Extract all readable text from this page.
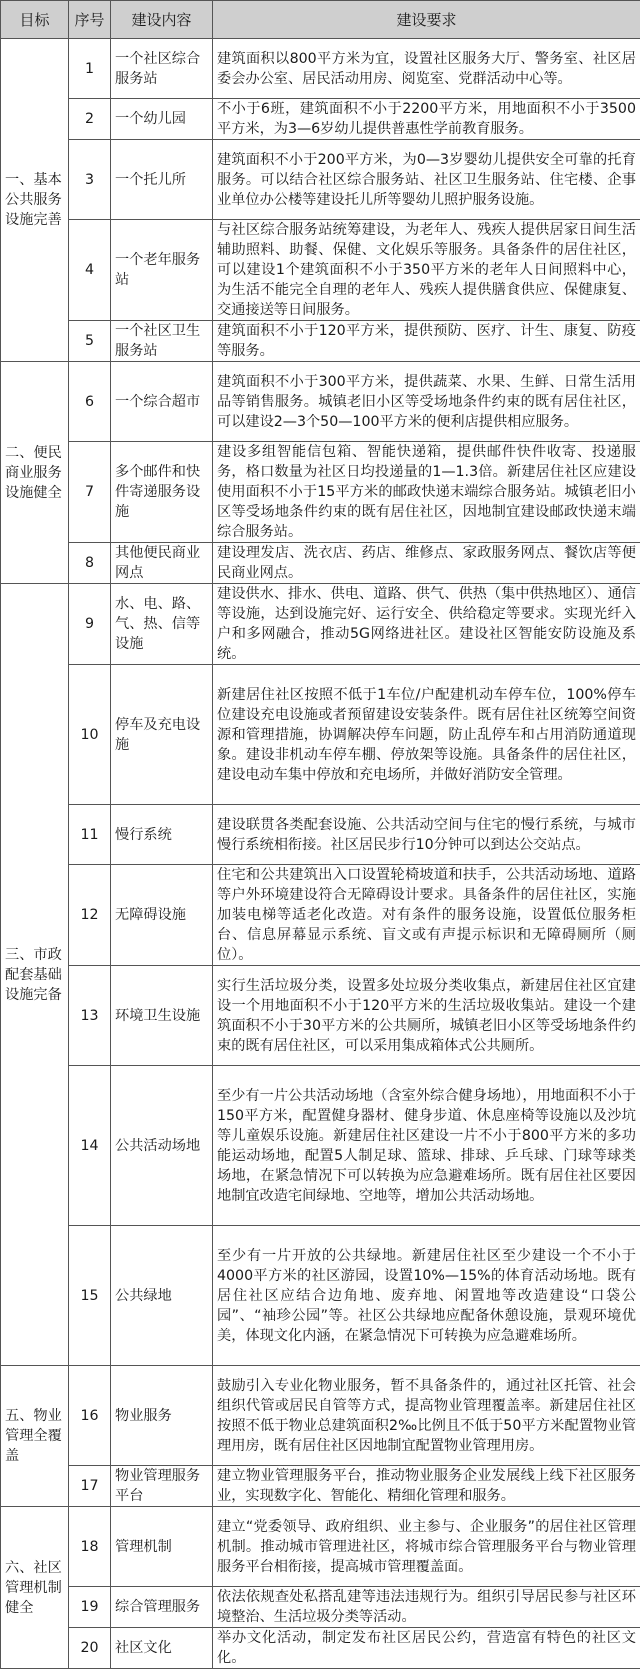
目标	序号	建设内容	建设要求
一、基本公共服务设施完善	1	一个社区综合服务站	建筑面积以800平方米为宜，设置社区服务大厅、警务室、社区居委会办公室、居民活动用房、阅览室、党群活动中心等。
	2	一个幼儿园	不小于6班，建筑面积不小于2200平方米，用地面积不小于3500平方米，为3—6岁幼儿提供普惠性学前教育服务。
	3	一个托儿所	建筑面积不小于200平方米，为0—3岁婴幼儿提供安全可靠的托育服务。可以结合社区综合服务站、社区卫生服务站、住宅楼、企事业单位办公楼等建设托儿所等婴幼儿照护服务设施。
	4	一个老年服务站	与社区综合服务站统筹建设，为老年人、残疾人提供居家日间生活辅助照料、助餐、保健、文化娱乐等服务。具备条件的居住社区，可以建设1个建筑面积不小于350平方米的老年人日间照料中心，为生活不能完全自理的老年人、残疾人提供膳食供应、保健康复、交通接送等日间服务。
	5	一个社区卫生服务站	建筑面积不小于120平方米，提供预防、医疗、计生、康复、防疫等服务。
二、便民商业服务设施健全	6	一个综合超市	建筑面积不小于300平方米，提供蔬菜、水果、生鲜、日常生活用品等销售服务。城镇老旧小区等受场地条件约束的既有居住社区，可以建设2—3个50—100平方米的便利店提供相应服务。
	7	多个邮件和快件寄递服务设施	建设多组智能信包箱、智能快递箱，提供邮件快件收寄、投递服务，格口数量为社区日均投递量的1—1.3倍。新建居住社区应建设使用面积不小于15平方米的邮政快递末端综合服务站。城镇老旧小区等受场地条件约束的既有居住社区，因地制宜建设邮政快递末端综合服务站。
	8	其他便民商业网点	建设理发店、洗衣店、药店、维修点、家政服务网点、餐饮店等便民商业网点。
三、市政配套基础设施完备	9	水、电、路、气、热、信等设施	建设供水、排水、供电、道路、供气、供热（集中供热地区）、通信等设施，达到设施完好、运行安全、供给稳定等要求。实现光纤入户和多网融合，推动5G网络进社区。建设社区智能安防设施及系统。
	10	停车及充电设施	新建居住社区按照不低于1车位/户配建机动车停车位，100%停车位建设充电设施或者预留建设安装条件。既有居住社区统筹空间资源和管理措施，协调解决停车问题，防止乱停车和占用消防通道现象。建设非机动车停车棚、停放架等设施。具备条件的居住社区，建设电动车集中停放和充电场所，并做好消防安全管理。
	11	慢行系统	建设联贯各类配套设施、公共活动空间与住宅的慢行系统，与城市慢行系统相衔接。社区居民步行10分钟可以到达公交站点。
	12	无障碍设施	住宅和公共建筑出入口设置轮椅坡道和扶手，公共活动场地、道路等户外环境建设符合无障碍设计要求。具备条件的居住社区，实施加装电梯等适老化改造。对有条件的服务设施，设置低位服务柜台、信息屏幕显示系统、盲文或有声提示标识和无障碍厕所（厕位）。
	13	环境卫生设施	实行生活垃圾分类，设置多处垃圾分类收集点，新建居住社区宜建设一个用地面积不小于120平方米的生活垃圾收集站。建设一个建筑面积不小于30平方米的公共厕所，城镇老旧小区等受场地条件约束的既有居住社区，可以采用集成箱体式公共厕所。
	14	公共活动场地	至少有一片公共活动场地（含室外综合健身场地），用地面积不小于150平方米，配置健身器材、健身步道、休息座椅等设施以及沙坑等儿童娱乐设施。新建居住社区建设一片不小于800平方米的多功能运动场地，配置5人制足球、篮球、排球、乒乓球、门球等球类场地，在紧急情况下可以转换为应急避难场所。既有居住社区要因地制宜改造宅间绿地、空地等，增加公共活动场地。
	15	公共绿地	至少有一片开放的公共绿地。新建居住社区至少建设一个不小于4000平方米的社区游园，设置10%—15%的体育活动场地。既有居住社区应结合边角地、废弃地、闲置地等改造建设“口袋公园”、“袖珍公园”等。社区公共绿地应配备休憩设施，景观环境优美，体现文化内涵，在紧急情况下可转换为应急避难场所。
五、物业管理全覆盖	16	物业服务	鼓励引入专业化物业服务，暂不具备条件的，通过社区托管、社会组织代管或居民自管等方式，提高物业管理覆盖率。新建居住社区按照不低于物业总建筑面积2‰比例且不低于50平方米配置物业管理用房，既有居住社区因地制宜配置物业管理用房。
	17	物业管理服务平台	建立物业管理服务平台，推动物业服务企业发展线上线下社区服务业，实现数字化、智能化、精细化管理和服务。
六、社区管理机制健全	18	管理机制	建立“党委领导、政府组织、业主参与、企业服务”的居住社区管理机制。推动城市管理进社区，将城市综合管理服务平台与物业管理服务平台相衔接，提高城市管理覆盖面。
	19	综合管理服务	依法依规查处私搭乱建等违法违规行为。组织引导居民参与社区环境整治、生活垃圾分类等活动。
	20	社区文化	举办文化活动，制定发布社区居民公约，营造富有特色的社区文化。
